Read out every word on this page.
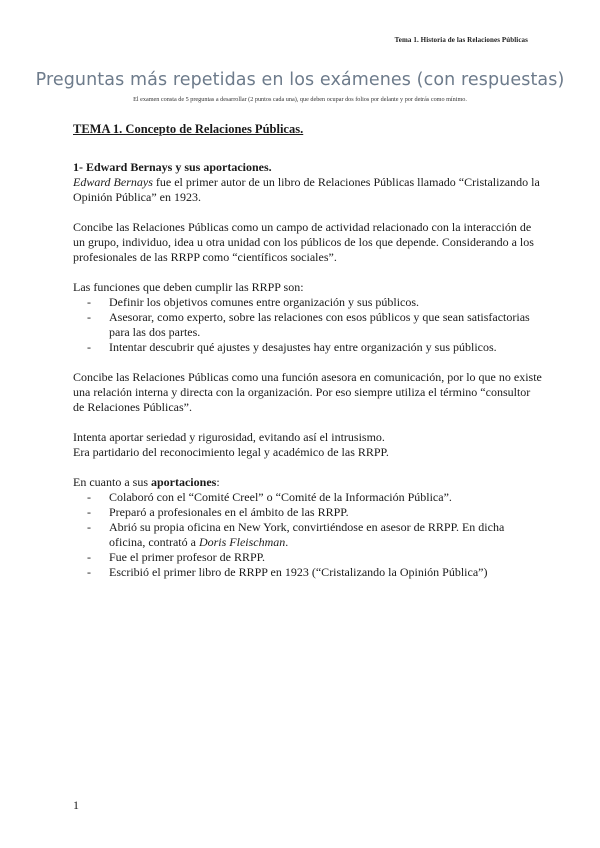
Tema 1. Historia de las Relaciones Públicas
Preguntas más repetidas en los exámenes (con respuestas)
El examen consta de 5 preguntas a desarrollar (2 puntos cada una), que deben ocupar dos folios por delante y por detrás como mínimo.
TEMA 1. Concepto de Relaciones Públicas.
1- Edward Bernays y sus aportaciones.

Edward Bernays fue el primer autor de un libro de Relaciones Públicas llamado “Cristalizando la Opinión Pública” en 1923.

Concibe las Relaciones Públicas como un campo de actividad relacionado con la interacción de un grupo, individuo, idea u otra unidad con los públicos de los que depende. Considerando a los profesionales de las RRPP como “científicos sociales”.

Las funciones que deben cumplir las RRPP son:

- Definir los objetivos comunes entre organización y sus públicos.
- Asesorar, como experto, sobre las relaciones con esos públicos y que sean satisfactorias para las dos partes.
- Intentar descubrir qué ajustes y desajustes hay entre organización y sus públicos.

Concibe las Relaciones Públicas como una función asesora en comunicación, por lo que no existe una relación interna y directa con la organización. Por eso siempre utiliza el término “consultor de Relaciones Públicas”.

Intenta aportar seriedad y rigurosidad, evitando así el intrusismo.

Era partidario del reconocimiento legal y académico de las RRPP.

En cuanto a sus aportaciones:

- Colaboró con el “Comité Creel” o “Comité de la Información Pública”.
- Preparó a profesionales en el ámbito de las RRPP.
- Abrió su propia oficina en New York, convirtiéndose en asesor de RRPP. En dicha oficina, contrató a Doris Fleischman.
- Fue el primer profesor de RRPP.
- Escribió el primer libro de RRPP en 1923 (“Cristalizando la Opinión Pública”)
1
